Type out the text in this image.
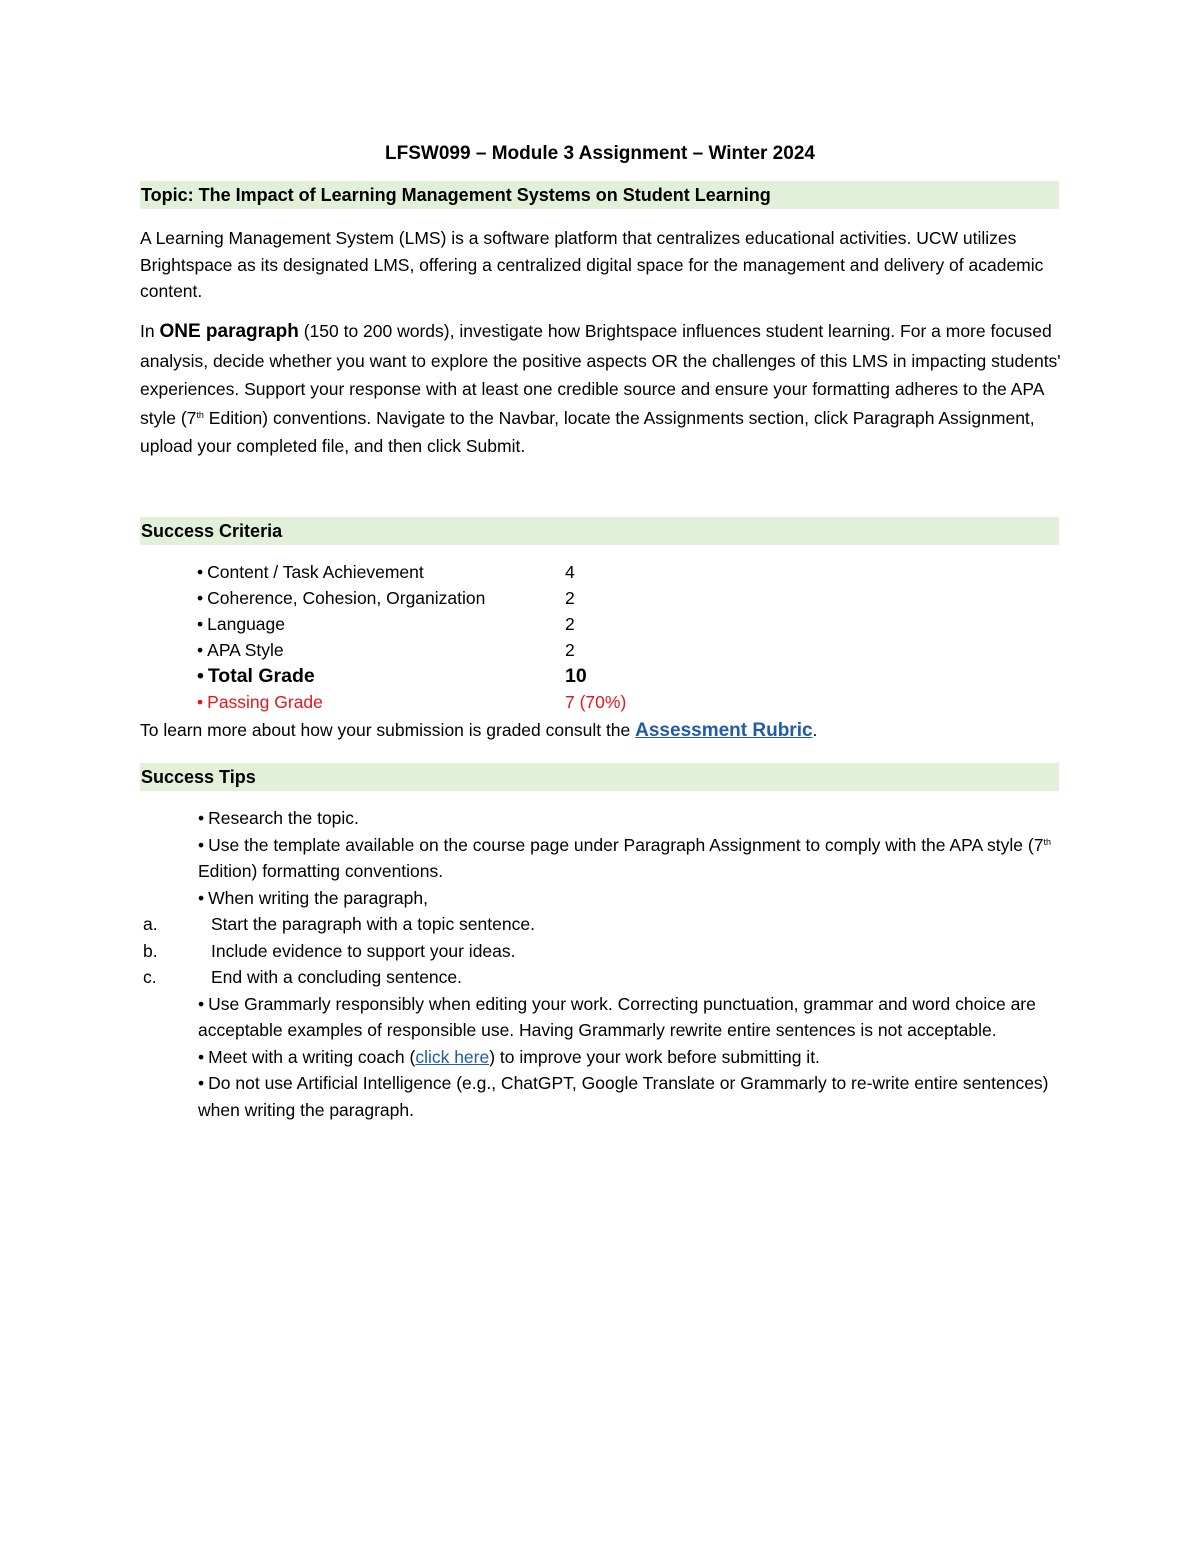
LFSW099 – Module 3 Assignment – Winter 2024
Topic: The Impact of Learning Management Systems on Student Learning
A Learning Management System (LMS) is a software platform that centralizes educational activities. UCW utilizes Brightspace as its designated LMS, offering a centralized digital space for the management and delivery of academic content.
In ONE paragraph (150 to 200 words), investigate how Brightspace influences student learning. For a more focused analysis, decide whether you want to explore the positive aspects OR the challenges of this LMS in impacting students' experiences. Support your response with at least one credible source and ensure your formatting adheres to the APA style (7th Edition) conventions. Navigate to the Navbar, locate the Assignments section, click Paragraph Assignment, upload your completed file, and then click Submit.
Success Criteria
• Content / Task Achievement	4
• Coherence, Cohesion, Organization	2
• Language	2
• APA Style	2
• Total Grade	10
• Passing Grade	7 (70%)
To learn more about how your submission is graded consult the Assessment Rubric.
Success Tips
• Research the topic.
• Use the template available on the course page under Paragraph Assignment to comply with the APA style (7th Edition) formatting conventions.
• When writing the paragraph,
a.	Start the paragraph with a topic sentence.
b.	Include evidence to support your ideas.
c.	End with a concluding sentence.
• Use Grammarly responsibly when editing your work. Correcting punctuation, grammar and word choice are acceptable examples of responsible use. Having Grammarly rewrite entire sentences is not acceptable.
• Meet with a writing coach (click here) to improve your work before submitting it.
• Do not use Artificial Intelligence (e.g., ChatGPT, Google Translate or Grammarly to re-write entire sentences) when writing the paragraph.
